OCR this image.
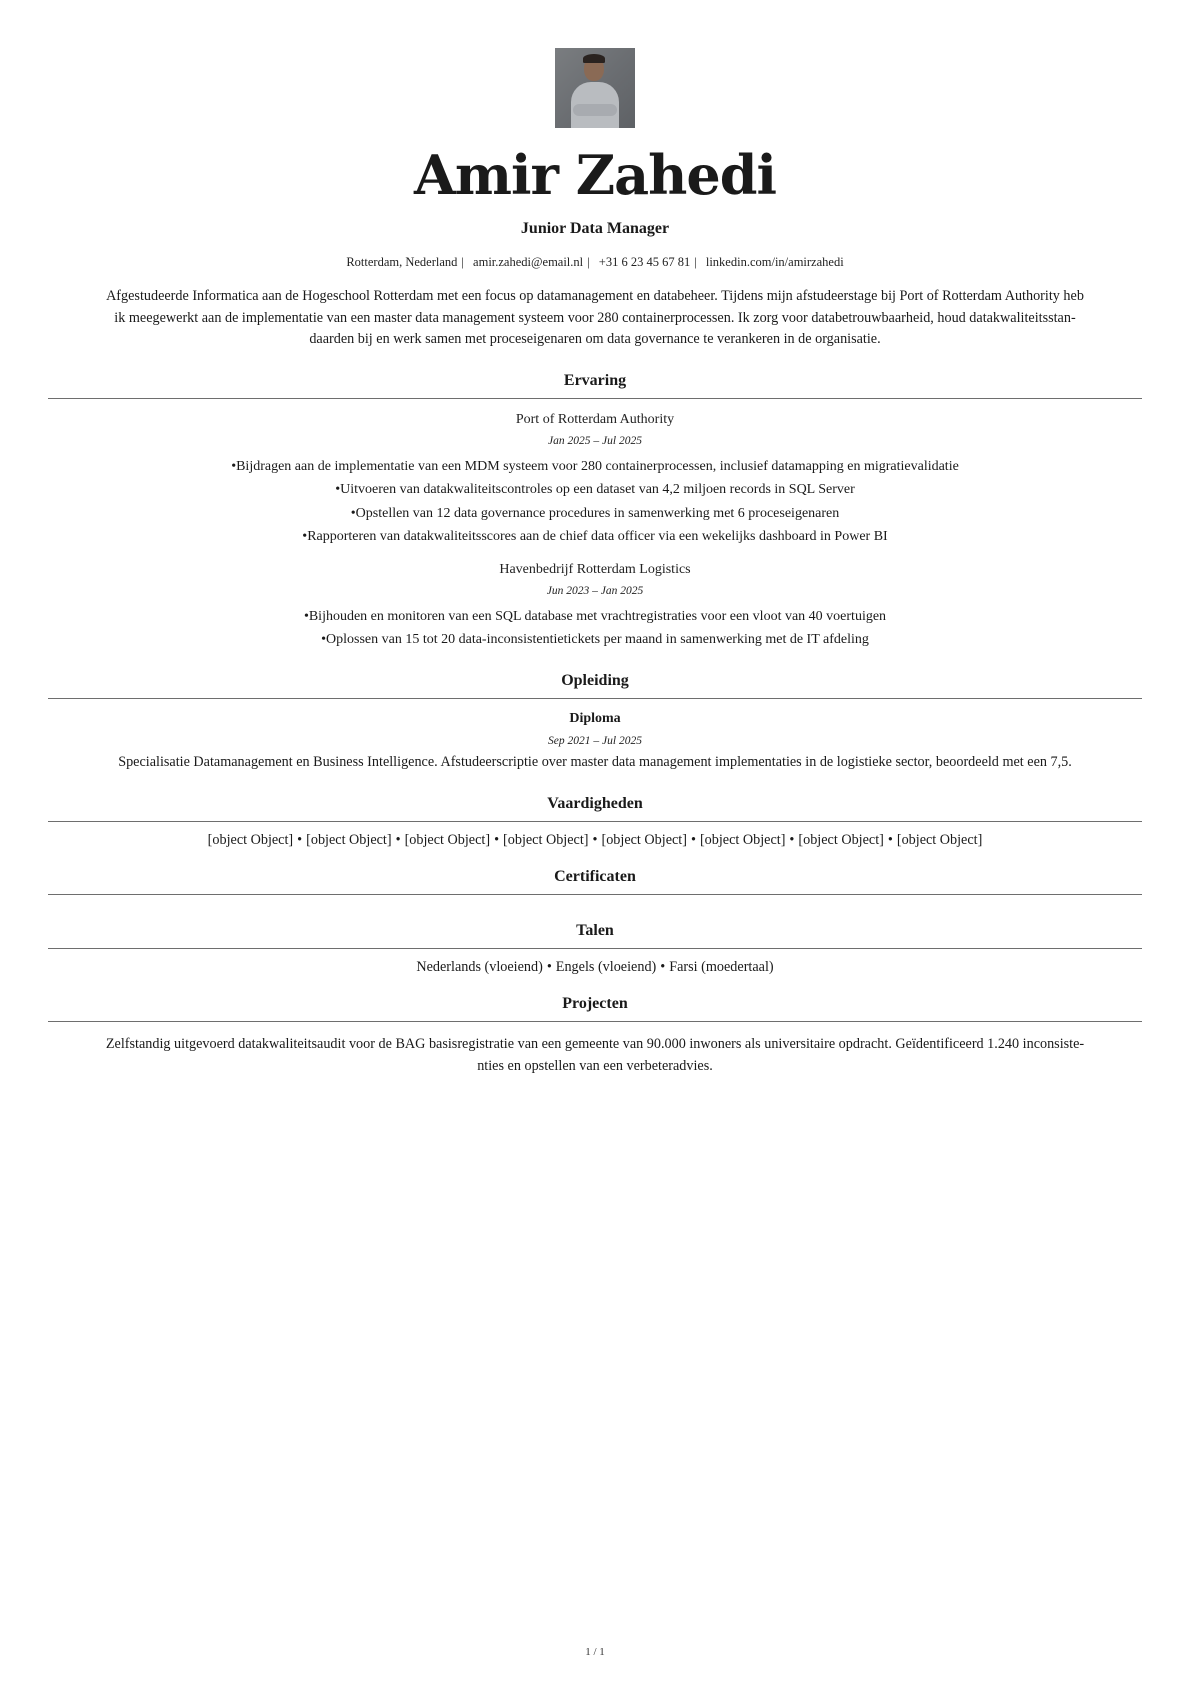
Amir Zahedi
Junior Data Manager
Rotterdam, Nederland | amir.zahedi@email.nl | +31 6 23 45 67 81 | linkedin.com/in/amirzahedi
Afgestudeerde Informatica aan de Hogeschool Rotterdam met een focus op datamanagement en databeheer. Tijdens mijn afstudeerstage bij Port of Rotterdam Authority heb
ik meegewerkt aan de implementatie van een master data management systeem voor 280 containerprocessen. Ik zorg voor databetrouwbaarheid, houd datakwaliteitsstan-
daarden bij en werk samen met proceseigenaren om data governance te verankeren in de organisatie.
Ervaring
Port of Rotterdam Authority
Jan 2025 – Jul 2025
• Bijdragen aan de implementatie van een MDM systeem voor 280 containerprocessen, inclusief datamapping en migratievalidatie
• Uitvoeren van datakwaliteitscontroles op een dataset van 4,2 miljoen records in SQL Server
• Opstellen van 12 data governance procedures in samenwerking met 6 proceseigenaren
• Rapporteren van datakwaliteitsscores aan de chief data officer via een wekelijks dashboard in Power BI
Havenbedrijf Rotterdam Logistics
Jun 2023 – Jan 2025
• Bijhouden en monitoren van een SQL database met vrachtregistraties voor een vloot van 40 voertuigen
• Oplossen van 15 tot 20 data-inconsistentietickets per maand in samenwerking met de IT afdeling
Opleiding
Diploma
Sep 2021 – Jul 2025
Specialisatie Datamanagement en Business Intelligence. Afstudeerscriptie over master data management implementaties in de logistieke sector, beoordeeld met een 7,5.
Vaardigheden
[object Object] • [object Object] • [object Object] • [object Object] • [object Object] • [object Object] • [object Object] • [object Object]
Certificaten
Talen
Nederlands (vloeiend) • Engels (vloeiend) • Farsi (moedertaal)
Projecten
Zelfstandig uitgevoerd datakwaliteitsaudit voor de BAG basisregistratie van een gemeente van 90.000 inwoners als universitaire opdracht. Geïdentificeerd 1.240 inconsiste-
nties en opstellen van een verbeteradvies.
1 / 1
